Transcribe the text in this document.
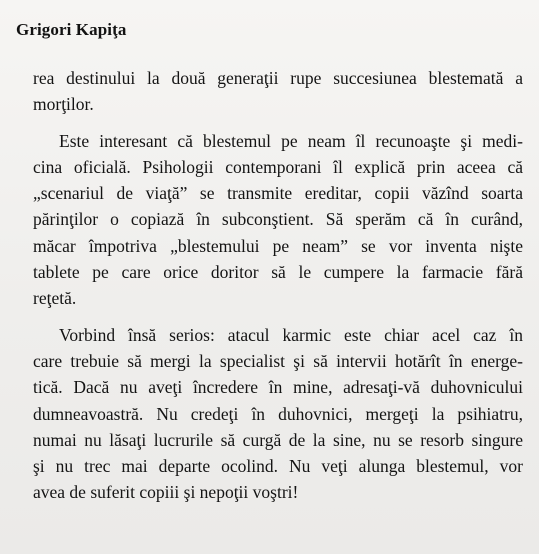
Grigori Kapiţa
rea destinului la două generaţii rupe succesiunea blestemată a
morţilor.
Este interesant că blestemul pe neam îl recunoaşte şi medi-
cina oficială. Psihologii contemporani îl explică prin aceea că
„scenariul de viaţă” se transmite ereditar, copii văzînd soarta
părinţilor o copiază în subconştient. Să sperăm că în curând,
măcar împotriva „blestemului pe neam” se vor inventa nişte
tablete pe care orice doritor să le cumpere la farmacie fără
reţetă.
Vorbind însă serios: atacul karmic este chiar acel caz în
care trebuie să mergi la specialist şi să intervii hotărît în energe-
tică. Dacă nu aveţi încredere în mine, adresaţi-vă duhovnicului
dumneavoastră. Nu credeţi în duhovnici, mergeţi la psihiatru,
numai nu lăsaţi lucrurile să curgă de la sine, nu se resorb singure
şi nu trec mai departe ocolind. Nu veţi alunga blestemul, vor
avea de suferit copiii şi nepoţii voştri!
